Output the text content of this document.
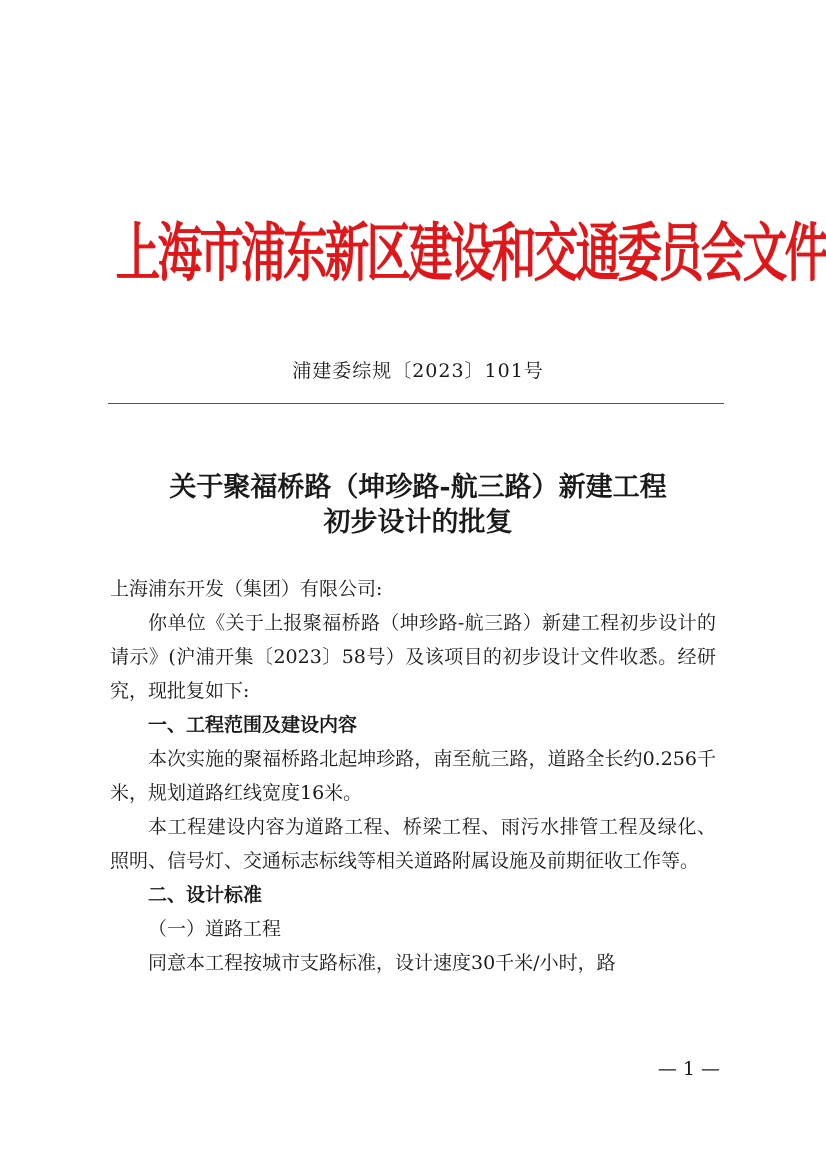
上海市浦东新区建设和交通委员会文件
浦建委综规〔2023〕101号
关于聚福桥路（坤珍路-航三路）新建工程
初步设计的批复

上海浦东开发（集团）有限公司:

你单位《关于上报聚福桥路（坤珍路-航三路）新建工程初步设计的请示》(沪浦开集〔2023〕58号）及该项目的初步设计文件收悉。经研究，现批复如下:

一、工程范围及建设内容

本次实施的聚福桥路北起坤珍路，南至航三路，道路全长约0.256千米，规划道路红线宽度16米。

本工程建设内容为道路工程、桥梁工程、雨污水排管工程及绿化、照明、信号灯、交通标志标线等相关道路附属设施及前期征收工作等。

二、设计标准

（一）道路工程

同意本工程按城市支路标准，设计速度30千米/小时，路

— 1 —
